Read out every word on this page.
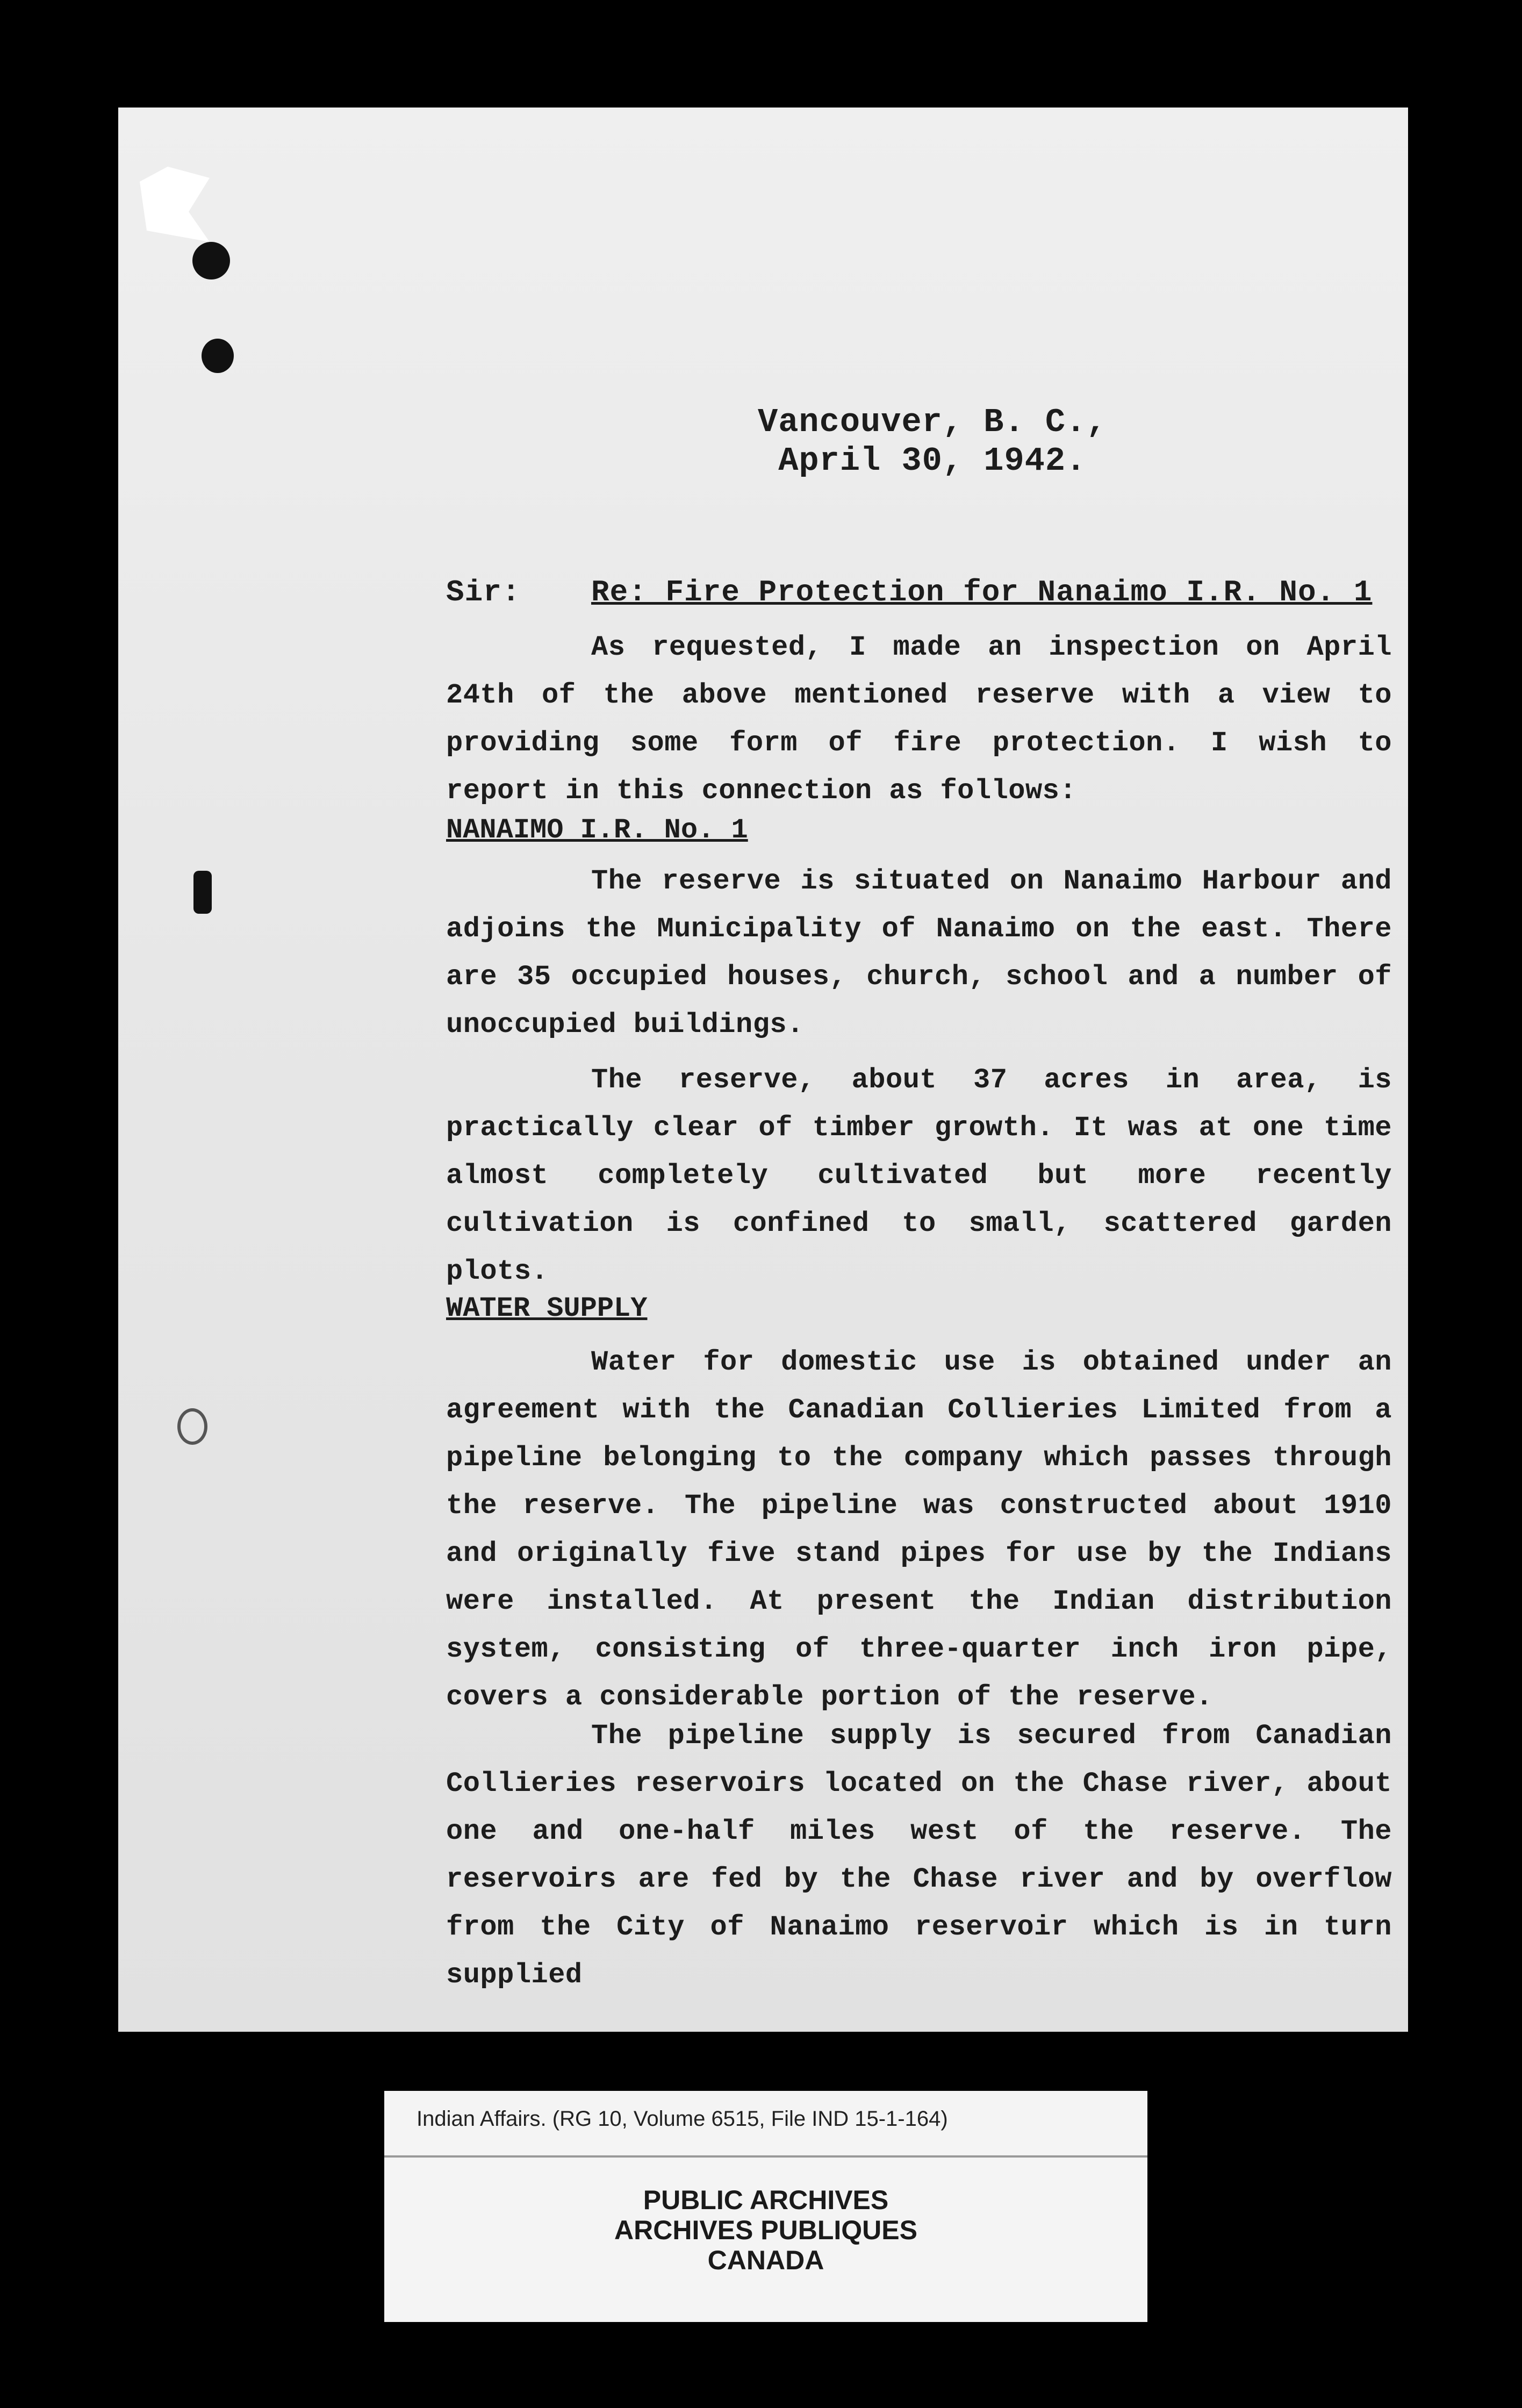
Vancouver, B. C.,
April 30, 1942.
Sir: Re: Fire Protection for Nanaimo I.R. No. 1
As requested, I made an inspection on April 24th of the above mentioned reserve with a view to providing some form of fire protection. I wish to report in this connection as follows:
NANAIMO I.R. No. 1
The reserve is situated on Nanaimo Harbour and adjoins the Municipality of Nanaimo on the east. There are 35 occupied houses, church, school and a number of unoccupied buildings.
The reserve, about 37 acres in area, is practically clear of timber growth. It was at one time almost completely cultivated but more recently cultivation is confined to small, scattered garden plots.
WATER SUPPLY
Water for domestic use is obtained under an agreement with the Canadian Collieries Limited from a pipeline belonging to the company which passes through the reserve. The pipeline was constructed about 1910 and originally five stand pipes for use by the Indians were installed. At present the Indian distribution system, consisting of three-quarter inch iron pipe, covers a considerable portion of the reserve.
The pipeline supply is secured from Canadian Collieries reservoirs located on the Chase river, about one and one-half miles west of the reserve. The reservoirs are fed by the Chase river and by overflow from the City of Nanaimo reservoir which is in turn supplied
Indian Affairs. (RG 10, Volume 6515, File IND 15-1-164)
PUBLIC ARCHIVES
ARCHIVES PUBLIQUES
CANADA
